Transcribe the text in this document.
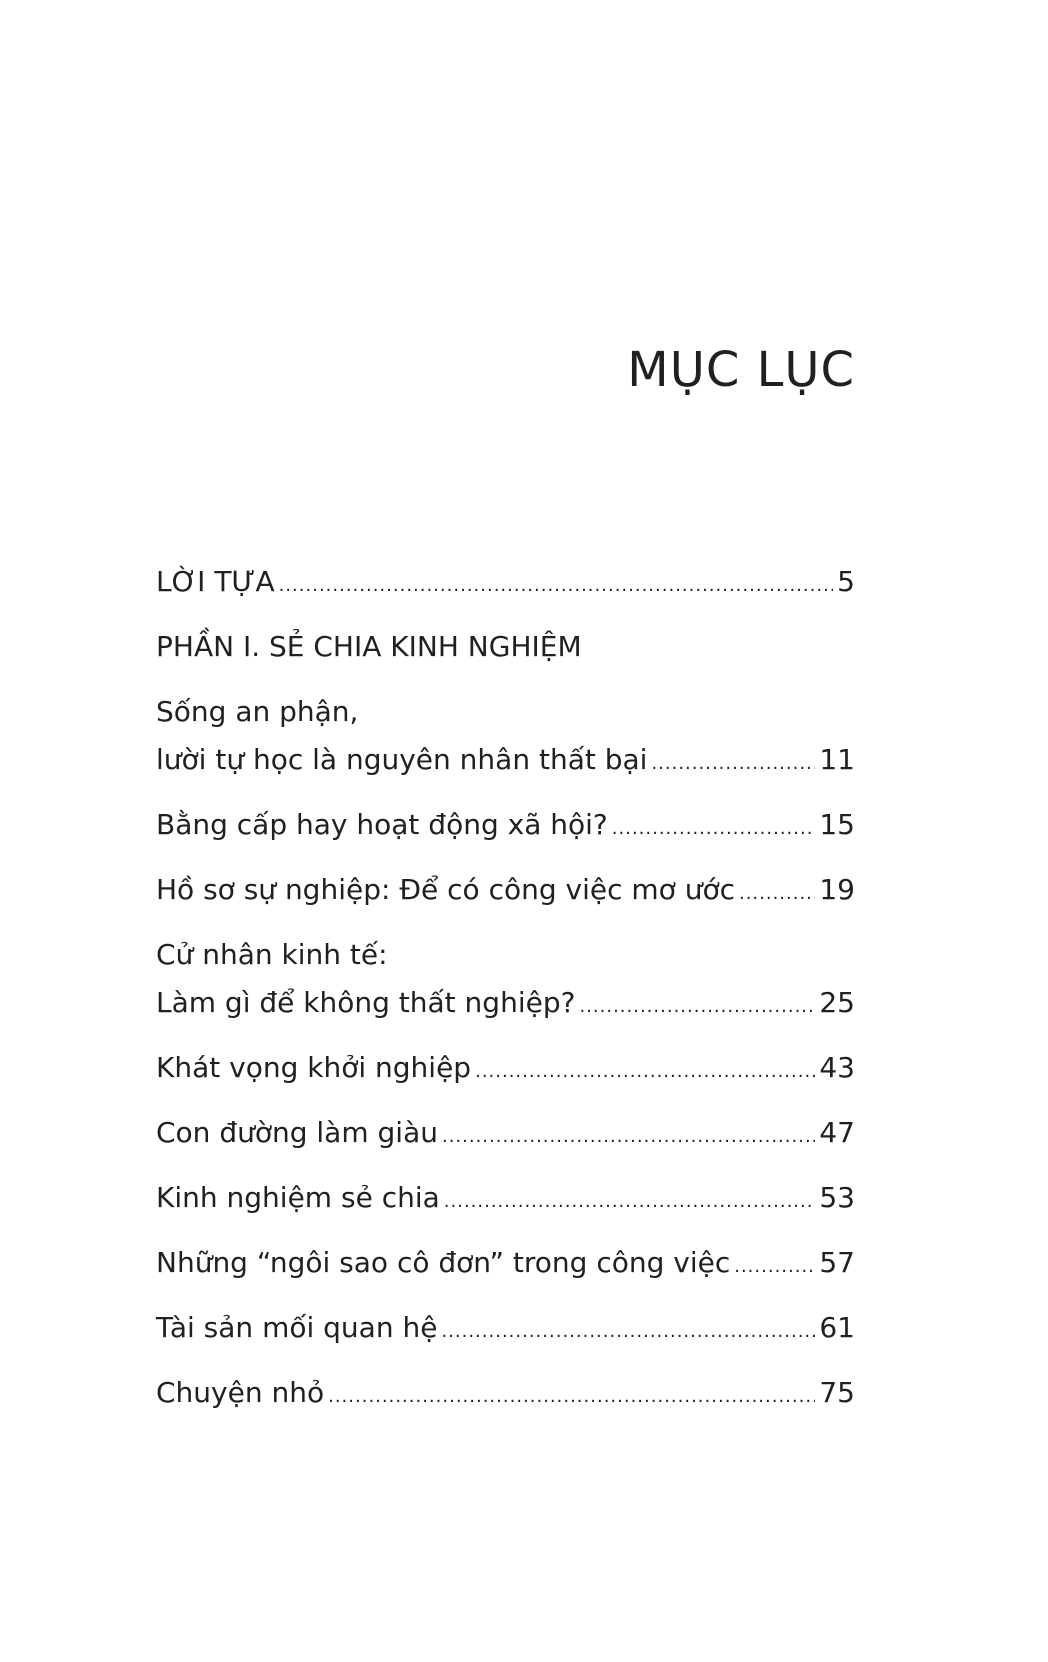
MỤC LỤC
LỜI TỰA .....	5
PHẦN I. SẺ CHIA KINH NGHIỆM
Sống an phận,
lười tự học là nguyên nhân thất bại .....	11
Bằng cấp hay hoạt động xã hội? .....	15
Hồ sơ sự nghiệp: Để có công việc mơ ước .....	19
Cử nhân kinh tế:
Làm gì để không thất nghiệp? .....	25
Khát vọng khởi nghiệp .....	43
Con đường làm giàu .....	47
Kinh nghiệm sẻ chia .....	53
Những “ngôi sao cô đơn” trong công việc .....	57
Tài sản mối quan hệ .....	61
Chuyện nhỏ .....	75
